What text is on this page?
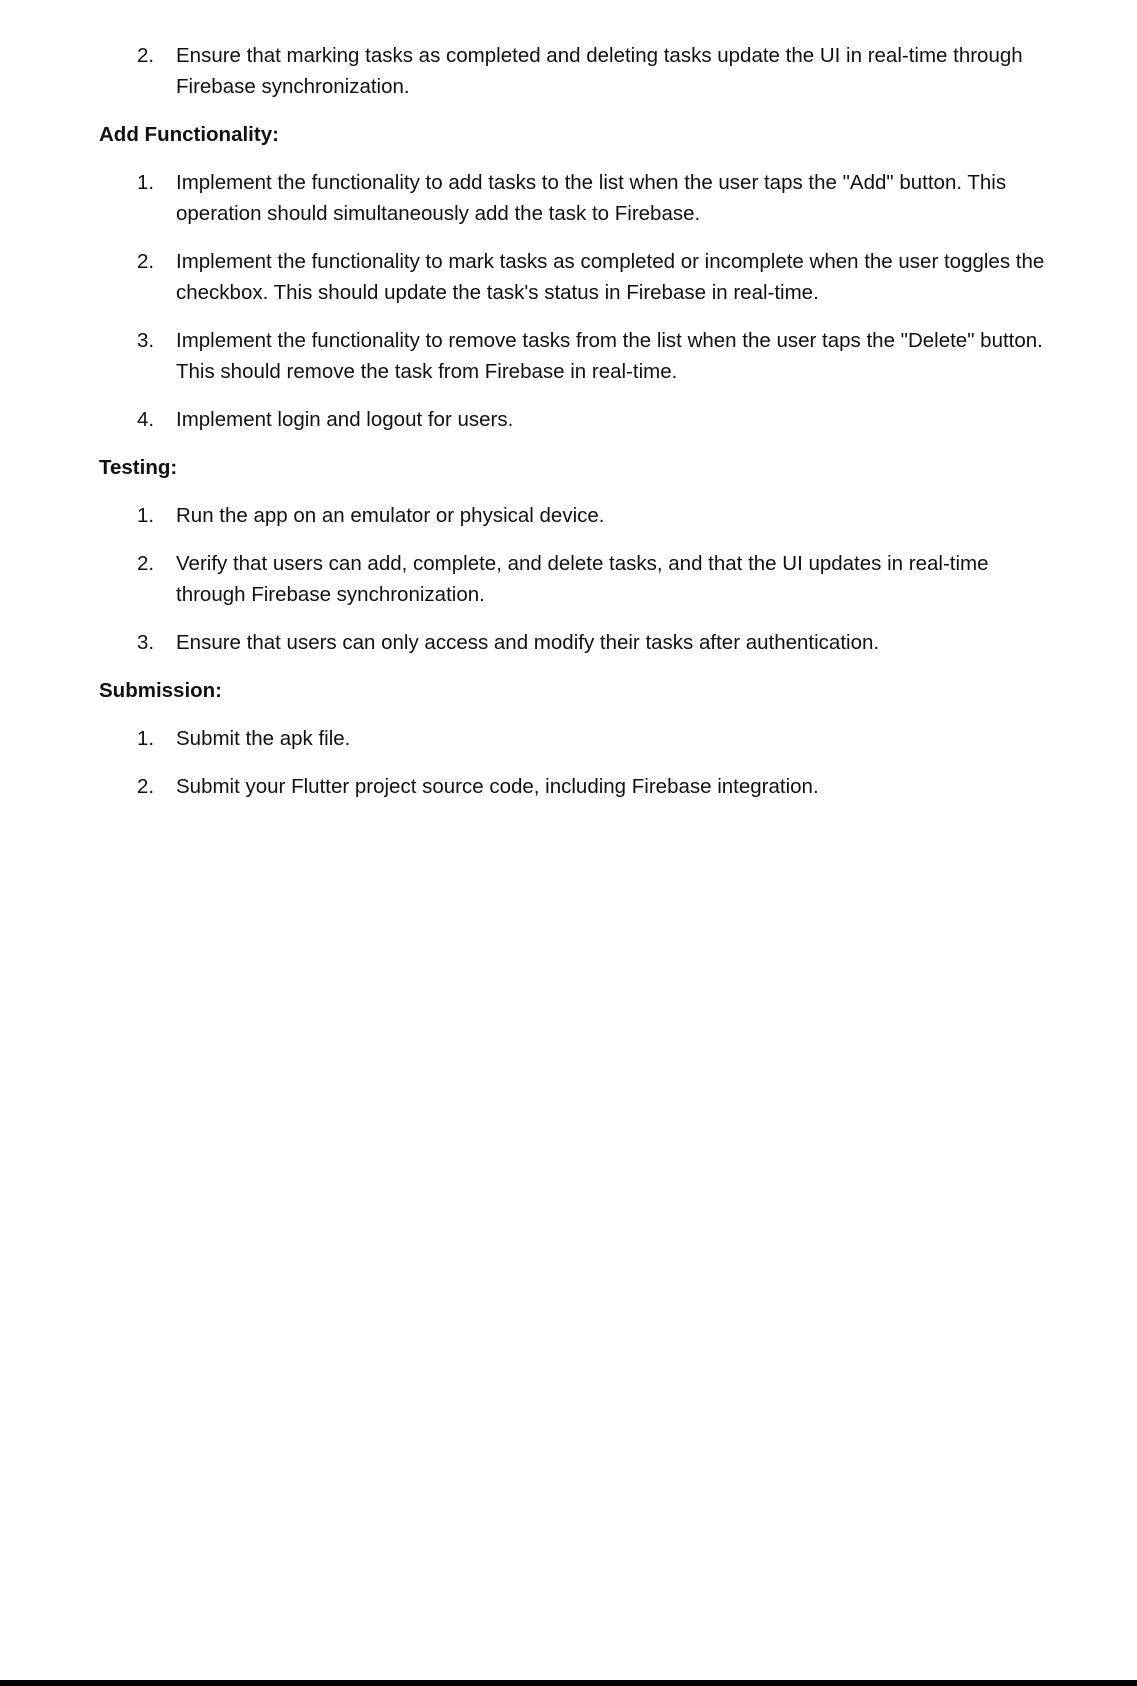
2. Ensure that marking tasks as completed and deleting tasks update the UI in real-time through Firebase synchronization.
Add Functionality:
1. Implement the functionality to add tasks to the list when the user taps the "Add" button. This operation should simultaneously add the task to Firebase.
2. Implement the functionality to mark tasks as completed or incomplete when the user toggles the checkbox. This should update the task's status in Firebase in real-time.
3. Implement the functionality to remove tasks from the list when the user taps the "Delete" button. This should remove the task from Firebase in real-time.
4. Implement login and logout for users.
Testing:
1. Run the app on an emulator or physical device.
2. Verify that users can add, complete, and delete tasks, and that the UI updates in real-time through Firebase synchronization.
3. Ensure that users can only access and modify their tasks after authentication.
Submission:
1. Submit the apk file.
2. Submit your Flutter project source code, including Firebase integration.
